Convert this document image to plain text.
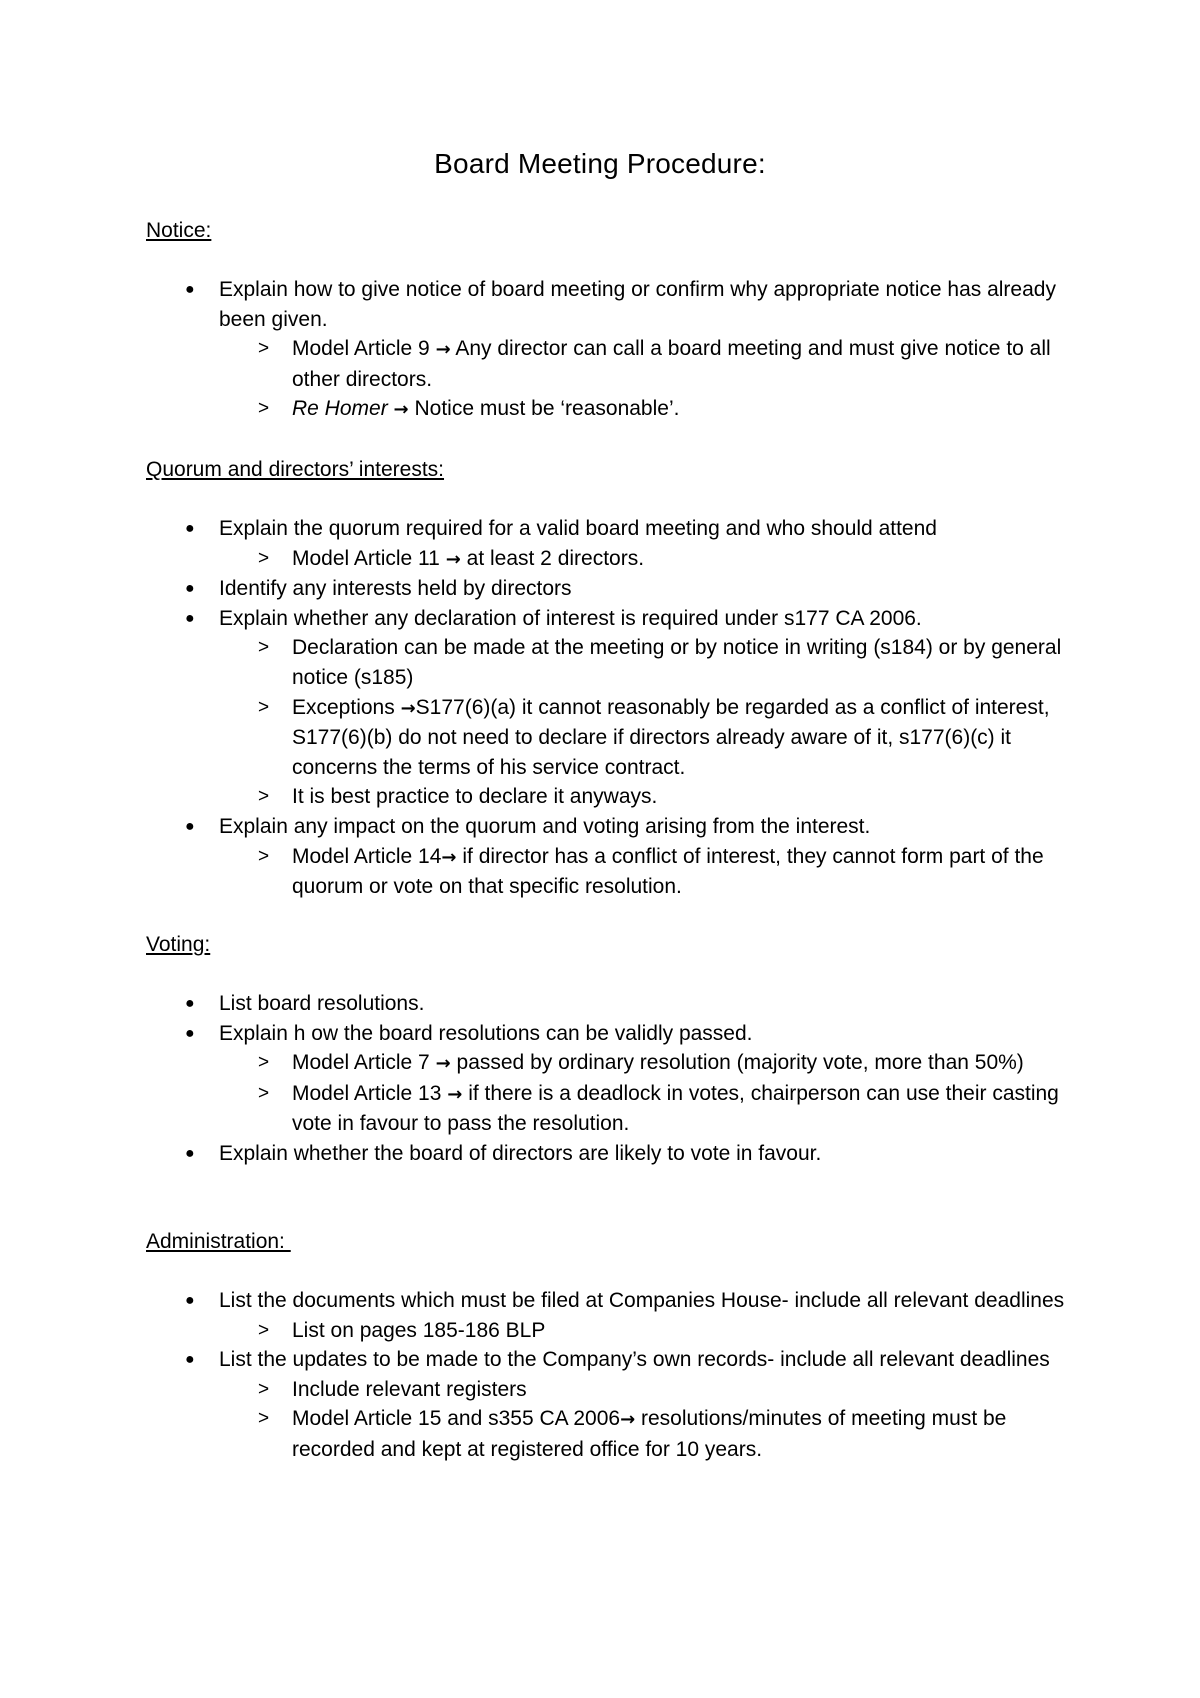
Board Meeting Procedure:
Notice:
● Explain how to give notice of board meeting or confirm why appropriate notice has already been given.
> Model Article 9 → Any director can call a board meeting and must give notice to all other directors.
> Re Homer → Notice must be ‘reasonable’.
Quorum and directors’ interests:
● Explain the quorum required for a valid board meeting and who should attend
> Model Article 11 → at least 2 directors.
● Identify any interests held by directors
● Explain whether any declaration of interest is required under s177 CA 2006.
> Declaration can be made at the meeting or by notice in writing (s184) or by general notice (s185)
> Exceptions →S177(6)(a) it cannot reasonably be regarded as a conflict of interest, S177(6)(b) do not need to declare if directors already aware of it, s177(6)(c) it concerns the terms of his service contract.
> It is best practice to declare it anyways.
● Explain any impact on the quorum and voting arising from the interest.
> Model Article 14→ if director has a conflict of interest, they cannot form part of the quorum or vote on that specific resolution.
Voting:
● List board resolutions.
● Explain h ow the board resolutions can be validly passed.
> Model Article 7 → passed by ordinary resolution (majority vote, more than 50%)
> Model Article 13 → if there is a deadlock in votes, chairperson can use their casting vote in favour to pass the resolution.
● Explain whether the board of directors are likely to vote in favour.
Administration:
● List the documents which must be filed at Companies House- include all relevant deadlines
> List on pages 185-186 BLP
● List the updates to be made to the Company’s own records- include all relevant deadlines
> Include relevant registers
> Model Article 15 and s355 CA 2006→ resolutions/minutes of meeting must be recorded and kept at registered office for 10 years.
